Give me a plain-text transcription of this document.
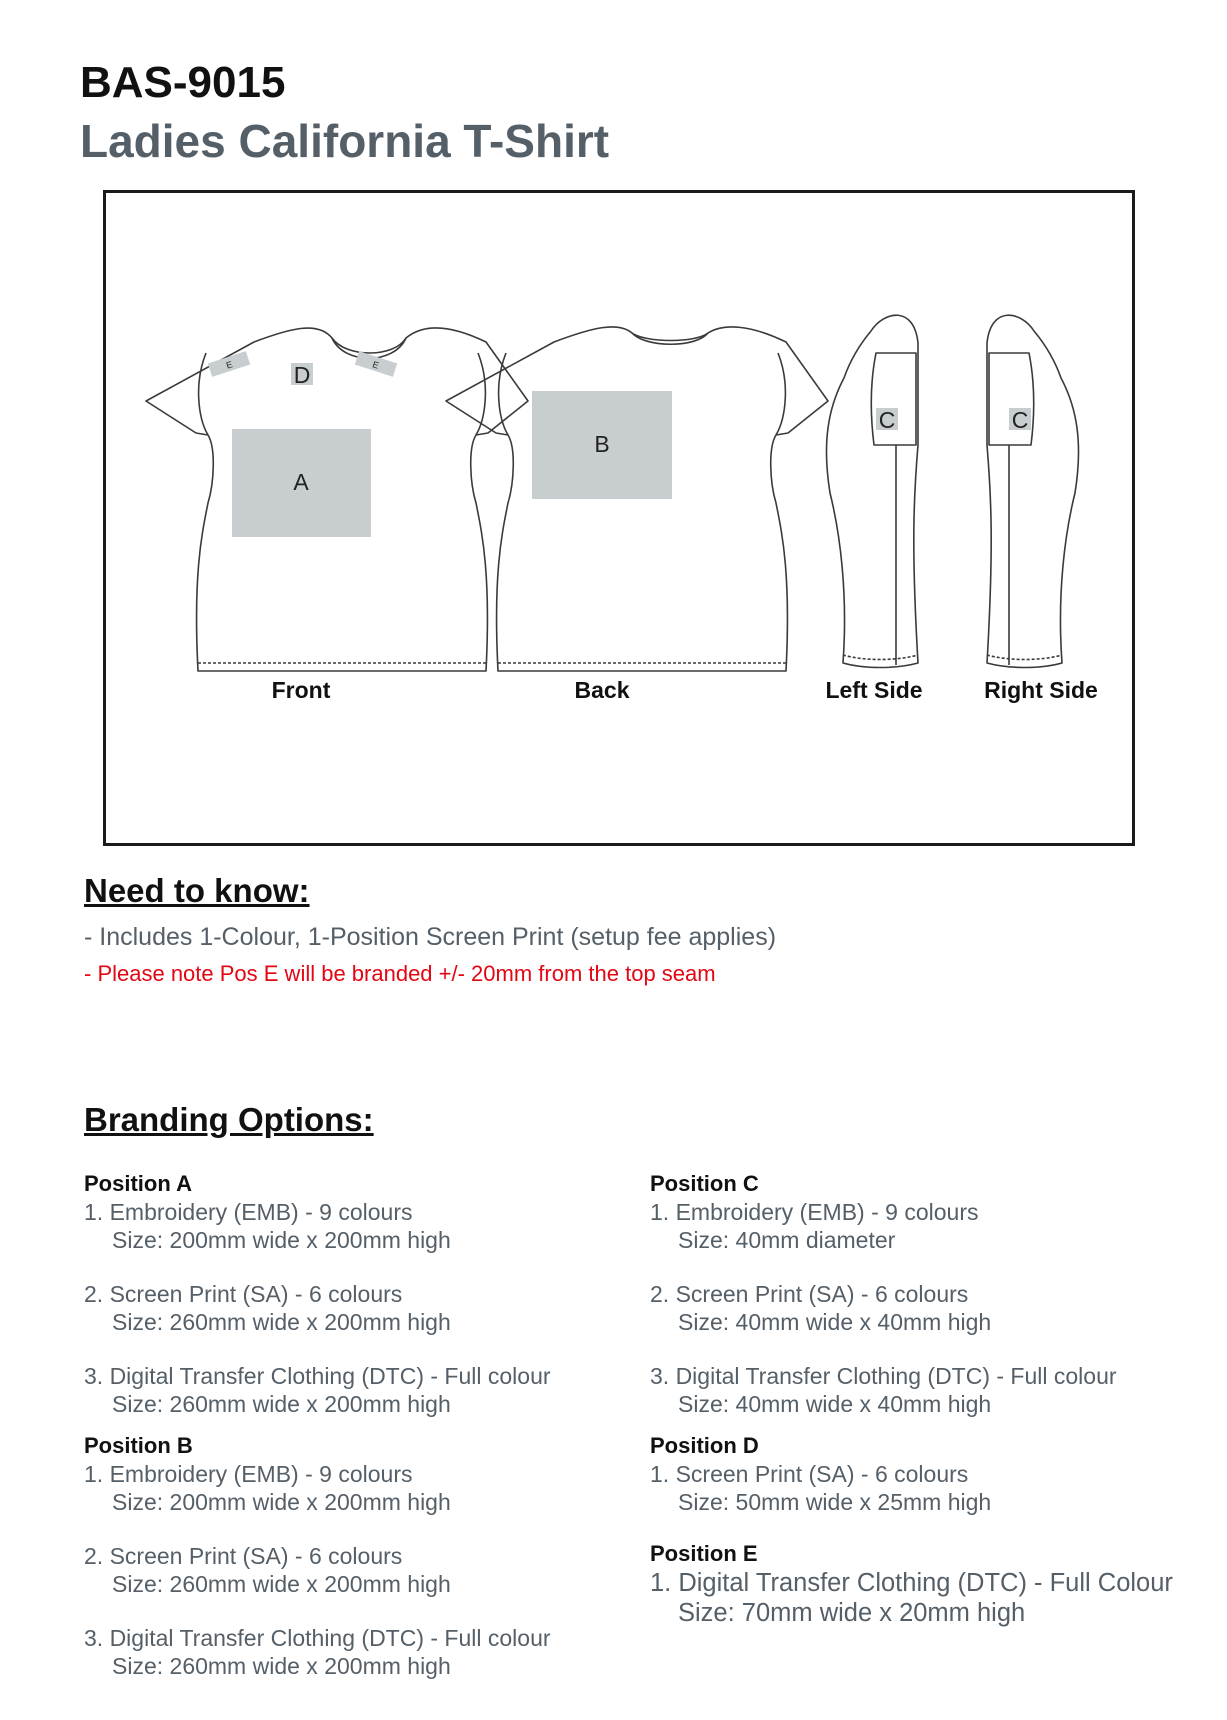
BAS-9015
Ladies California T-Shirt
A
B
C	C
D
E	E
Front	Back	Left Side	Right Side
Need to know:

- Includes 1-Colour, 1-Position Screen Print (setup fee applies)

- Please note Pos E will be branded +/- 20mm from the top seam

Branding Options:

Position A

1. Embroidery (EMB) - 9 colours
Size: 200mm wide x 200mm high

2. Screen Print (SA) - 6 colours
Size: 260mm wide x 200mm high

3. Digital Transfer Clothing (DTC) - Full colour
Size: 260mm wide x 200mm high

Position B

1. Embroidery (EMB) - 9 colours
Size: 200mm wide x 200mm high

2. Screen Print (SA) - 6 colours
Size: 260mm wide x 200mm high

3. Digital Transfer Clothing (DTC) - Full colour
Size: 260mm wide x 200mm high

Position C

1. Embroidery (EMB) - 9 colours
Size: 40mm diameter

2. Screen Print (SA) - 6 colours
Size: 40mm wide x 40mm high

3. Digital Transfer Clothing (DTC) - Full colour
Size: 40mm wide x 40mm high

Position D

1. Screen Print (SA) - 6 colours
Size: 50mm wide x 25mm high

Position E

1. Digital Transfer Clothing (DTC) - Full Colour
Size: 70mm wide x 20mm high
